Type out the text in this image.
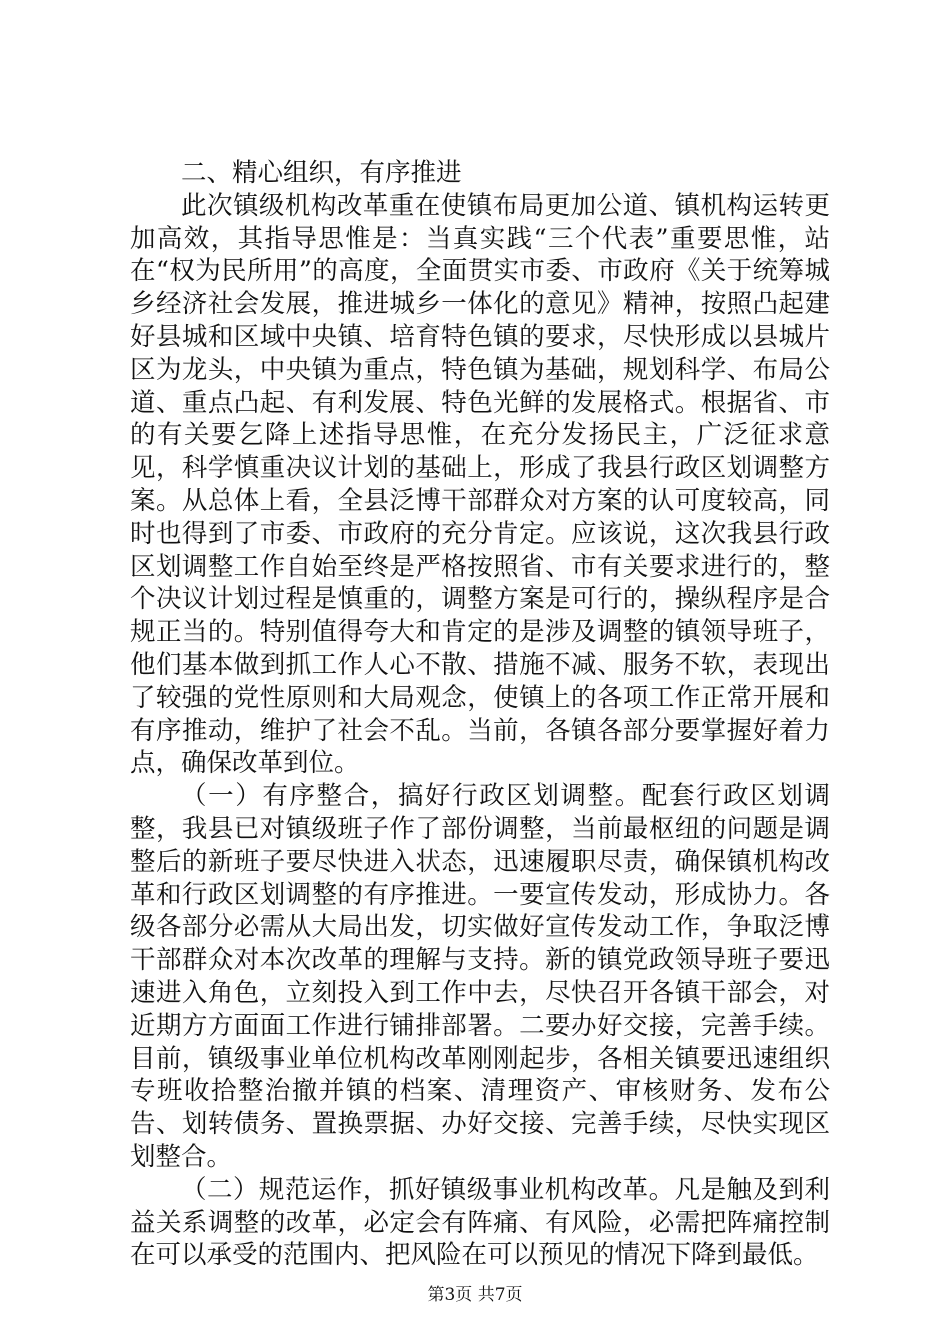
二、精心组织，有序推进

此次镇级机构改革重在使镇布局更加公道、镇机构运转更加高效，其指导思惟是：当真实践“三个代表”重要思惟，站在“权为民所用”的高度，全面贯实市委、市政府《关于统筹城乡经济社会发展，推进城乡一体化的意见》精神，按照凸起建好县城和区域中央镇、培育特色镇的要求，尽快形成以县城片区为龙头，中央镇为重点，特色镇为基础，规划科学、布局公道、重点凸起、有利发展、特色光鲜的发展格式。根据省、市的有关要乞降上述指导思惟，在充分发扬民主，广泛征求意见，科学慎重决议计划的基础上，形成了我县行政区划调整方案。从总体上看，全县泛博干部群众对方案的认可度较高，同时也得到了市委、市政府的充分肯定。应该说，这次我县行政区划调整工作自始至终是严格按照省、市有关要求进行的，整个决议计划过程是慎重的，调整方案是可行的，操纵程序是合规正当的。特别值得夸大和肯定的是涉及调整的镇领导班子，他们基本做到抓工作人心不散、措施不减、服务不软，表现出了较强的党性原则和大局观念，使镇上的各项工作正常开展和有序推动，维护了社会不乱。当前，各镇各部分要掌握好着力点，确保改革到位。

（一）有序整合，搞好行政区划调整。配套行政区划调整，我县已对镇级班子作了部份调整，当前最枢纽的问题是调整后的新班子要尽快进入状态，迅速履职尽责，确保镇机构改革和行政区划调整的有序推进。一要宣传发动，形成协力。各级各部分必需从大局出发，切实做好宣传发动工作，争取泛博干部群众对本次改革的理解与支持。新的镇党政领导班子要迅速进入角色，立刻投入到工作中去，尽快召开各镇干部会，对近期方方面面工作进行铺排部署。二要办好交接，完善手续。目前，镇级事业单位机构改革刚刚起步，各相关镇要迅速组织专班收拾整治撤并镇的档案、清理资产、审核财务、发布公告、划转债务、置换票据、办好交接、完善手续，尽快实现区划整合。

（二）规范运作，抓好镇级事业机构改革。凡是触及到利益关系调整的改革，必定会有阵痛、有风险，必需把阵痛控制在可以承受的范围内、把风险在可以预见的情况下降到最低。

第3页 共7页
